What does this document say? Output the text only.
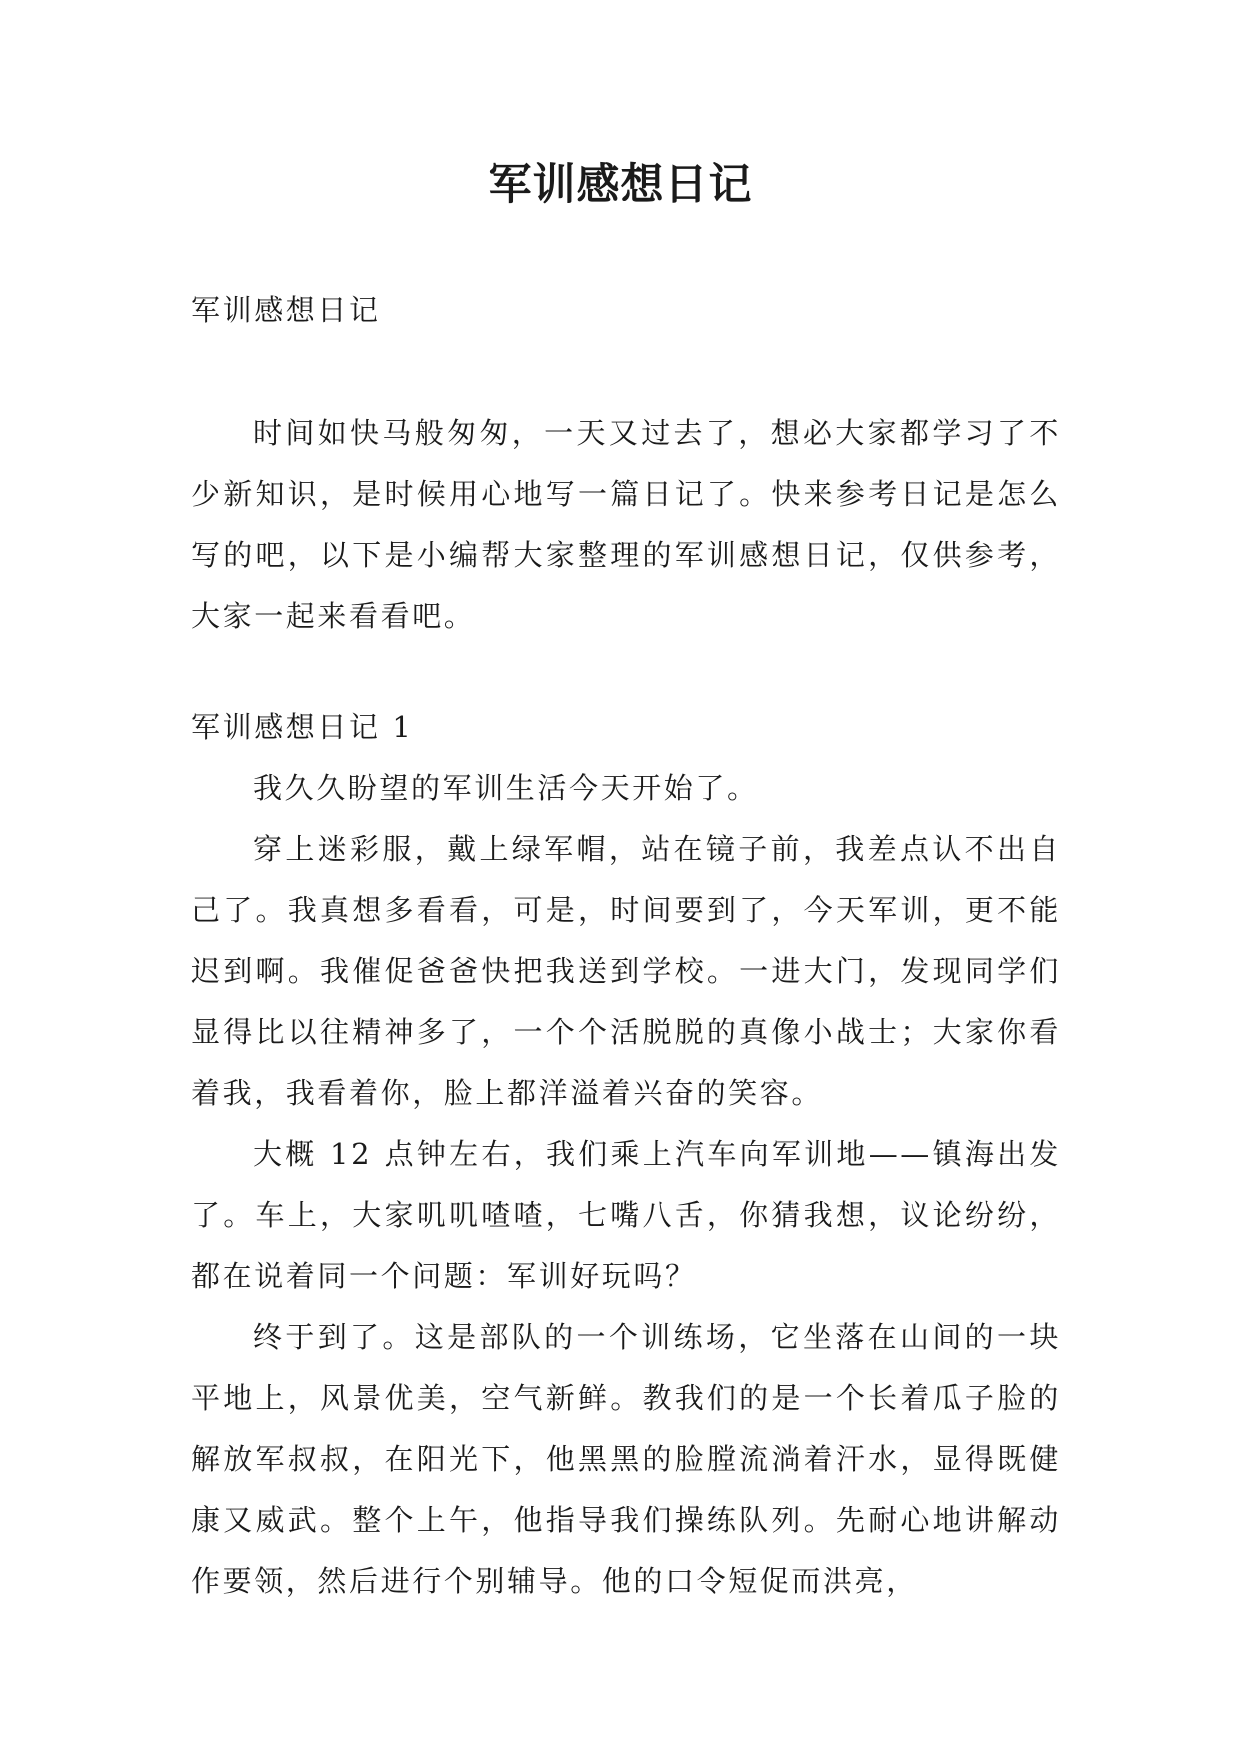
军训感想日记

军训感想日记

时间如快马般匆匆，一天又过去了，想必大家都学习了不少新知识，是时候用心地写一篇日记了。快来参考日记是怎么写的吧，以下是小编帮大家整理的军训感想日记，仅供参考，大家一起来看看吧。

军训感想日记 1

我久久盼望的军训生活今天开始了。

穿上迷彩服，戴上绿军帽，站在镜子前，我差点认不出自己了。我真想多看看，可是，时间要到了，今天军训，更不能迟到啊。我催促爸爸快把我送到学校。一进大门，发现同学们显得比以往精神多了，一个个活脱脱的真像小战士；大家你看着我，我看着你，脸上都洋溢着兴奋的笑容。

大概 12 点钟左右，我们乘上汽车向军训地——镇海出发了。车上，大家叽叽喳喳，七嘴八舌，你猜我想，议论纷纷，都在说着同一个问题：军训好玩吗？

终于到了。这是部队的一个训练场，它坐落在山间的一块平地上，风景优美，空气新鲜。教我们的是一个长着瓜子脸的解放军叔叔，在阳光下，他黑黑的脸膛流淌着汗水，显得既健康又威武。整个上午，他指导我们操练队列。先耐心地讲解动作要领，然后进行个别辅导。他的口令短促而洪亮，
